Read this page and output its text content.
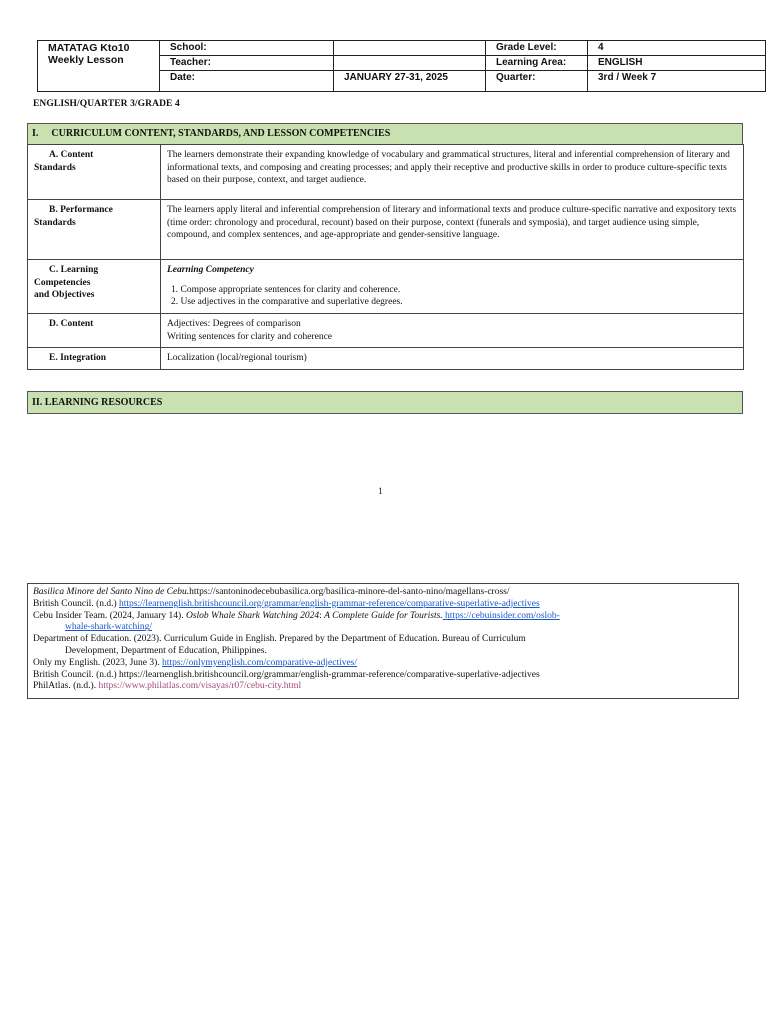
MATATAG Kto10
Weekly Lesson	School:		Grade Level:	4
	Teacher:		Learning Area:	ENGLISH
	Date:	JANUARY 27-31, 2025	Quarter:	3rd / Week 7
ENGLISH/QUARTER 3/GRADE 4
I. CURRICULUM CONTENT, STANDARDS, AND LESSON COMPETENCIES
A. Content
Standards	The learners demonstrate their expanding knowledge of vocabulary and grammatical structures, literal and inferential comprehension of literary and informational texts, and composing and creating processes; and apply their receptive and productive skills in order to produce culture-specific texts based on their purpose, context, and target audience.

B. Performance
Standards	The learners apply literal and inferential comprehension of literary and informational texts and produce culture-specific narrative and expository texts (time order: chronology and procedural, recount) based on their purpose, context (funerals and symposia), and target audience using simple, compound, and complex sentences, and age-appropriate and gender-sensitive language.

C. Learning
Competencies
and Objectives	Learning Competency
1. Compose appropriate sentences for clarity and coherence.
2. Use adjectives in the comparative and superlative degrees.

D. Content	Adjectives: Degrees of comparison
Writing sentences for clarity and coherence

E. Integration	Localization (local/regional tourism)
II. LEARNING RESOURCES
1
Basilica Minore del Santo Nino de Cebu.https://santoninodecebubasilica.org/basilica-minore-del-santo-nino/magellans-cross/
British Council. (n.d.) https://learnenglish.britishcouncil.org/grammar/english-grammar-reference/comparative-superlative-adjectives
Cebu Insider Team. (2024, January 14). Oslob Whale Shark Watching 2024: A Complete Guide for Tourists. https://cebuinsider.com/oslob-
whale-shark-watching/
Department of Education. (2023). Curriculum Guide in English. Prepared by the Department of Education. Bureau of Curriculum
Development, Department of Education, Philippines.
Only my English. (2023, June 3). https://onlymyenglish.com/comparative-adjectives/
British Council. (n.d.) https://learnenglish.britishcouncil.org/grammar/english-grammar-reference/comparative-superlative-adjectives
PhilAtlas. (n.d.). https://www.philatlas.com/visayas/r07/cebu-city.html
